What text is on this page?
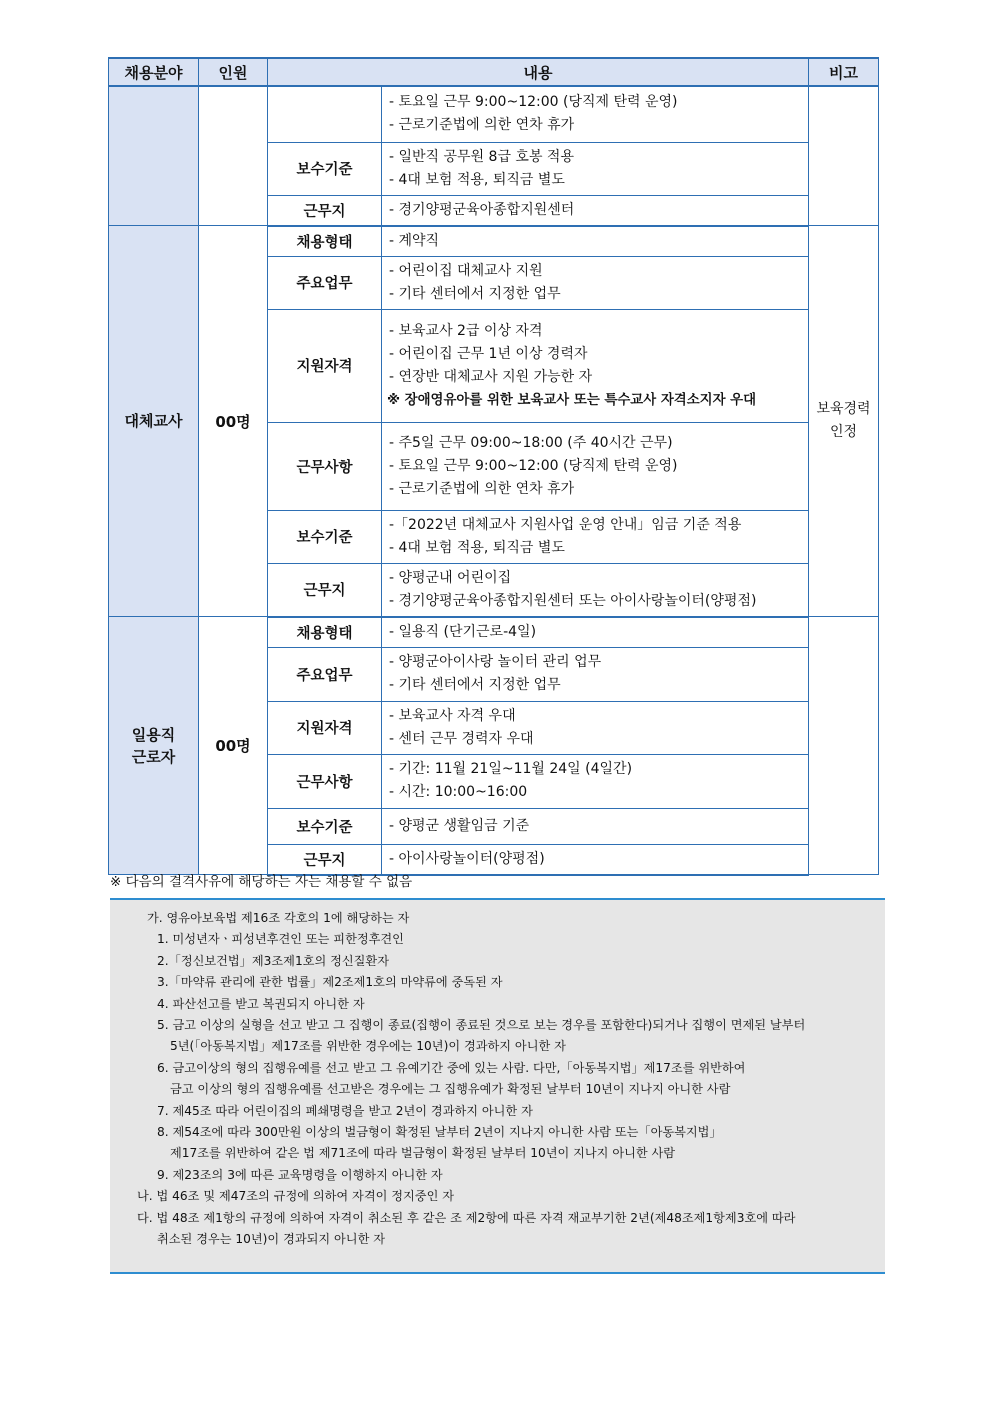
채용분야	인원	내용		비고

			- 토요일 근무 9:00~12:00 (당직제 탄력 운영)
- 근로기준법에 의한 연차 휴가	

		보수기준	- 일반직 공무원 8급 호봉 적용
- 4대 보험 적용, 퇴직금 별도	

		근무지	- 경기양평군육아종합지원센터	

대체교사	00명	채용형태	- 계약직	보육경력
인정

		주요업무	- 어린이집 대체교사 지원
- 기타 센터에서 지정한 업무	

		지원자격	- 보육교사 2급 이상 자격
- 어린이집 근무 1년 이상 경력자
- 연장반 대체교사 지원 가능한 자
※ 장애영유아를 위한 보육교사 또는 특수교사 자격소지자 우대	

		근무사항	- 주5일 근무 09:00~18:00 (주 40시간 근무)
- 토요일 근무 9:00~12:00 (당직제 탄력 운영)
- 근로기준법에 의한 연차 휴가	

		보수기준	-「2022년 대체교사 지원사업 운영 안내」임금 기준 적용
- 4대 보험 적용, 퇴직금 별도	

		근무지	- 양평군내 어린이집
- 경기양평군육아종합지원센터 또는 아이사랑놀이터(양평점)	

일용직
근로자	00명	채용형태	- 일용직 (단기근로-4일)	

		주요업무	- 양평군아이사랑 놀이터 관리 업무
- 기타 센터에서 지정한 업무	

		지원자격	- 보육교사 자격 우대
- 센터 근무 경력자 우대	

		근무사항	- 기간: 11월 21일~11월 24일 (4일간)
- 시간: 10:00~16:00	

		보수기준	- 양평군 생활임금 기준	

		근무지	- 아이사랑놀이터(양평점)	
※ 다음의 결격사유에 해당하는 자는 채용할 수 없음
가. 영유아보육법 제16조 각호의 1에 해당하는 자
1. 미성년자ㆍ피성년후견인 또는 피한정후견인
2.「정신보건법」제3조제1호의 정신질환자
3.「마약류 관리에 관한 법률」제2조제1호의 마약류에 중독된 자
4. 파산선고를 받고 복권되지 아니한 자
5. 금고 이상의 실형을 선고 받고 그 집행이 종료(집행이 종료된 것으로 보는 경우를 포함한다)되거나 집행이 면제된 날부터
5년(「아동복지법」제17조를 위반한 경우에는 10년)이 경과하지 아니한 자
6. 금고이상의 형의 집행유예를 선고 받고 그 유예기간 중에 있는 사람. 다만,「아동복지법」제17조를 위반하여
금고 이상의 형의 집행유예를 선고받은 경우에는 그 집행유예가 확정된 날부터 10년이 지나지 아니한 사람
7. 제45조 따라 어린이집의 폐쇄명령을 받고 2년이 경과하지 아니한 자
8. 제54조에 따라 300만원 이상의 벌금형이 확정된 날부터 2년이 지나지 아니한 사람 또는「아동복지법」
제17조를 위반하여 같은 법 제71조에 따라 벌금형이 확정된 날부터 10년이 지나지 아니한 사람
9. 제23조의 3에 따른 교육명령을 이행하지 아니한 자
나. 법 46조 및 제47조의 규정에 의하여 자격이 정지중인 자
다. 법 48조 제1항의 규정에 의하여 자격이 취소된 후 같은 조 제2항에 따른 자격 재교부기한 2년(제48조제1항제3호에 따라
취소된 경우는 10년)이 경과되지 아니한 자
